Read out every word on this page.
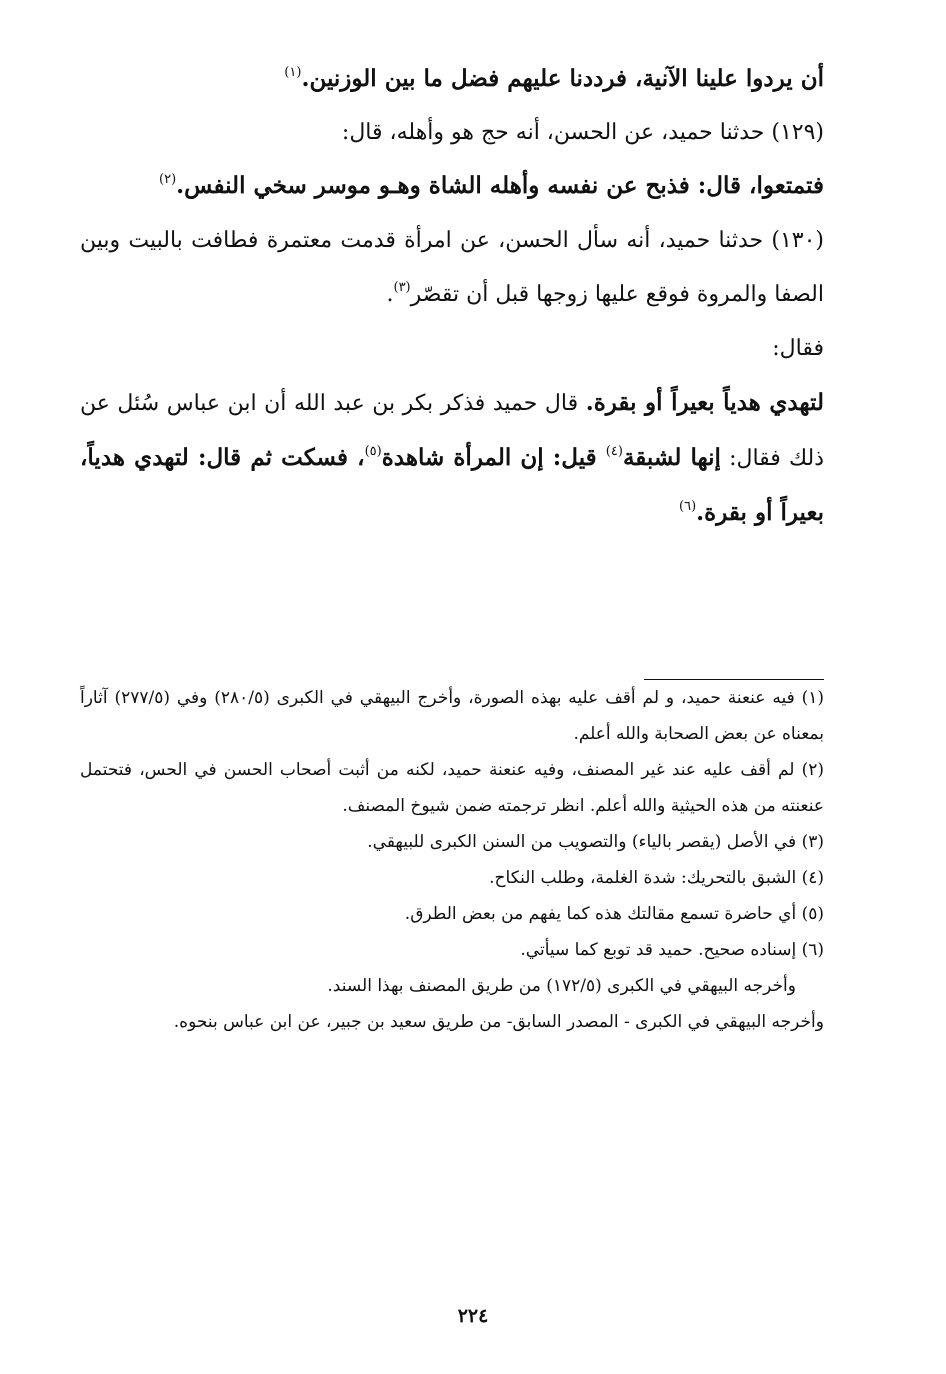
أن يردوا علينا الآنية، فرددنا عليهم فضل ما بين الوزنين.$^{(١)}$

(١٢٩) حدثنا حميد، عن الحسن، أنه حج هو وأهله، قال:

فتمتعوا، قال: فذبح عن نفسه وأهله الشاة وهـو موسر سخي النفس.$^{(٢)}$

(١٣٠) حدثنا حميد، أنه سأل الحسن، عن امرأة قدمت معتمرة فطافت بالبيت وبين الصفا والمروة فوقع عليها زوجها قبل أن تقصّر$^{(٣)}$.
فقال:

لتهدي هدياً بعيراً أو بقرة. قال حميد فذكر بكر بن عبد الله أن ابن عباس سُئل عن ذلك فقال: إنها لشبقة$^{(٤)}$ قيل: إن المرأة شاهدة$^{(٥)}$، فسكت ثم قال: لتهدي هدياً، بعيراً أو بقرة.$^{(٦)}$

(١) فيه عنعنة حميد، و لم أقف عليه بهذه الصورة، وأخرج البيهقي في الكبرى (٢٨٠/٥) وفي (٢٧٧/٥) آثاراً بمعناه عن بعض الصحابة والله أعلم.

(٢) لم أقف عليه عند غير المصنف، وفيه عنعنة حميد، لكنه من أثبت أصحاب الحسن في الحس، فتحتمل عنعنته من هذه الحيثية والله أعلم. انظر ترجمته ضمن شيوخ المصنف.

(٣) في الأصل (يقصر بالياء) والتصويب من السنن الكبرى للبيهقي.

(٤) الشبق بالتحريك: شدة الغلمة، وطلب النكاح.

(٥) أي حاضرة تسمع مقالتك هذه كما يفهم من بعض الطرق.

(٦) إسناده صحيح. حميد قد توبع كما سيأتي.

وأخرجه البيهقي في الكبرى (١٧٢/٥) من طريق المصنف بهذا السند.

وأخرجه البيهقي في الكبرى - المصدر السابق- من طريق سعيد بن جبير، عن ابن عباس بنحوه.

٢٢٤
